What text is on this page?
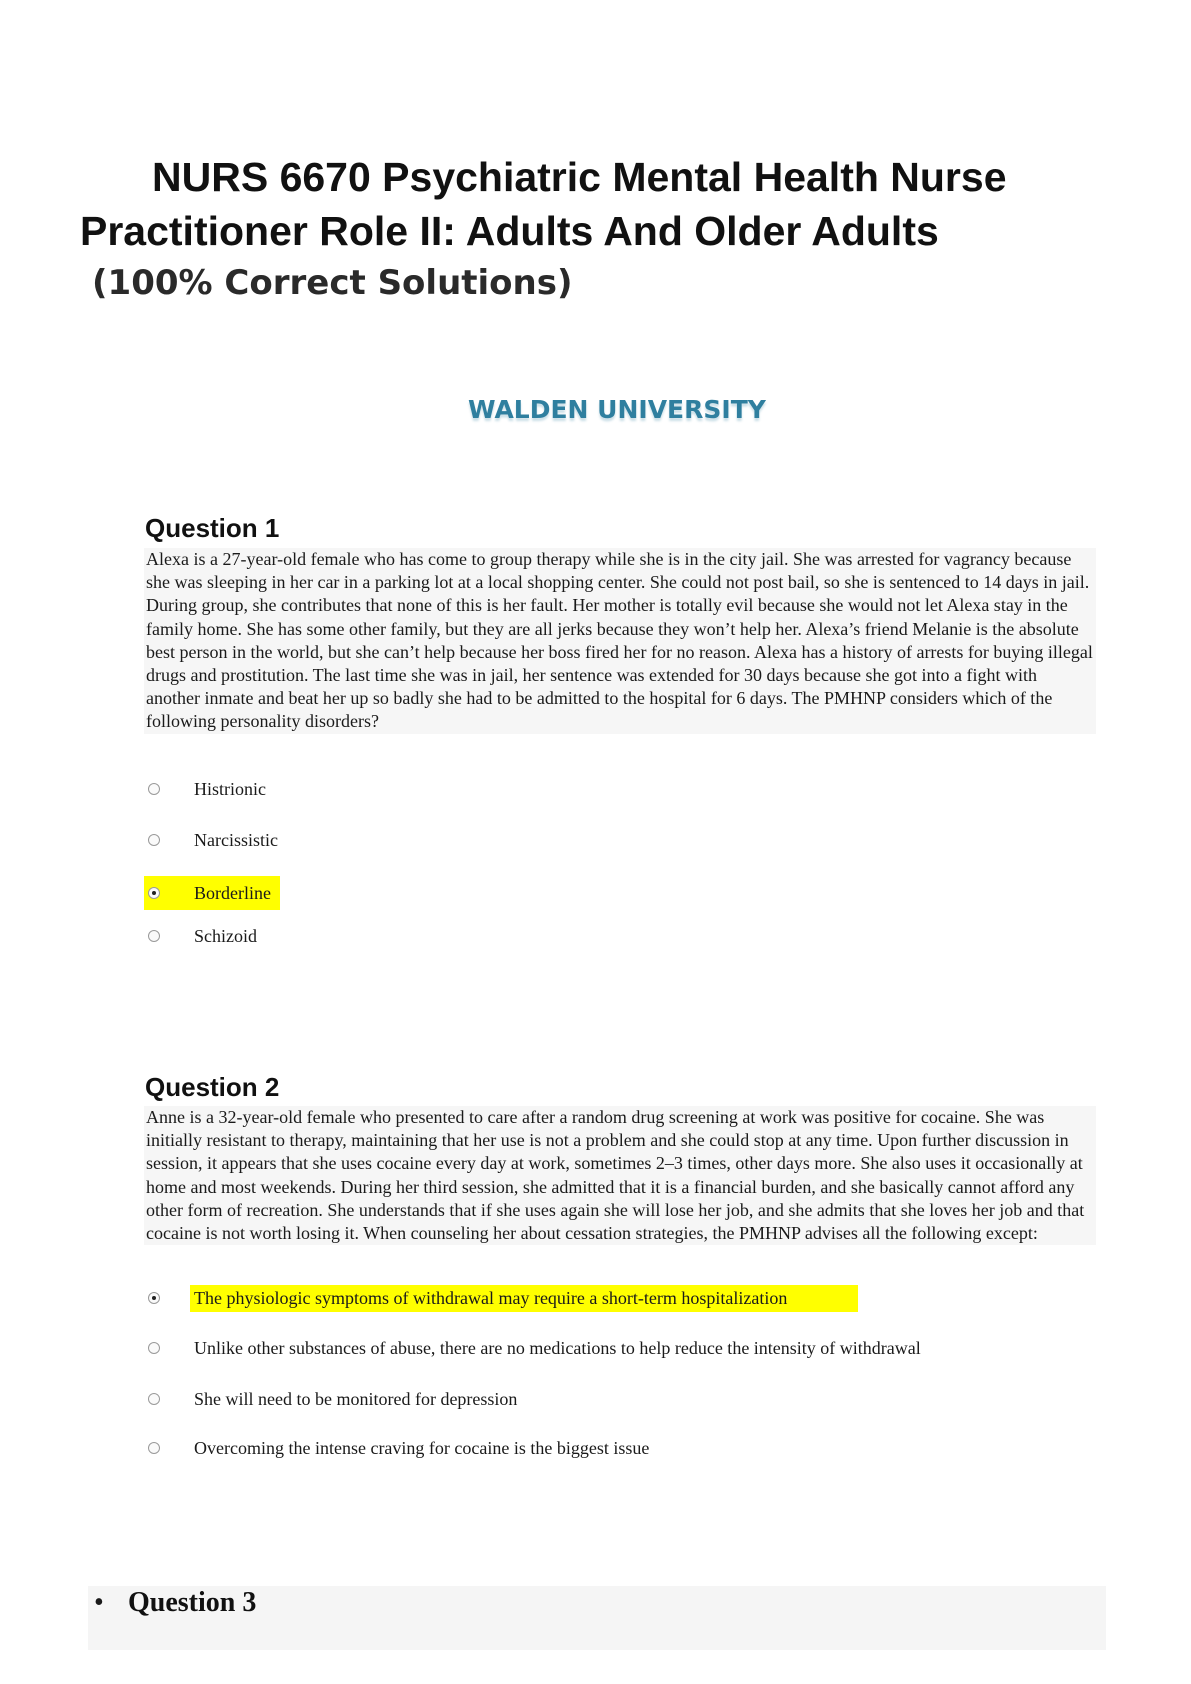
NURS 6670 Psychiatric Mental Health Nurse
Practitioner Role II: Adults And Older Adults

(100% Correct Solutions)

WALDEN UNIVERSITY

Question 1

Alexa is a 27-year-old female who has come to group therapy while she is in the city jail. She was arrested for vagrancy because she was sleeping in her car in a parking lot at a local shopping center. She could not post bail, so she is sentenced to 14 days in jail. During group, she contributes that none of this is her fault. Her mother is totally evil because she would not let Alexa stay in the family home. She has some other family, but they are all jerks because they won’t help her. Alexa’s friend Melanie is the absolute best person in the world, but she can’t help because her boss fired her for no reason. Alexa has a history of arrests for buying illegal drugs and prostitution. The last time she was in jail, her sentence was extended for 30 days because she got into a fight with another inmate and beat her up so badly she had to be admitted to the hospital for 6 days. The PMHNP considers which of the following personality disorders?

Histrionic
Narcissistic
Borderline
Schizoid
Question 2

Anne is a 32-year-old female who presented to care after a random drug screening at work was positive for cocaine. She was initially resistant to therapy, maintaining that her use is not a problem and she could stop at any time. Upon further discussion in session, it appears that she uses cocaine every day at work, sometimes 2–3 times, other days more. She also uses it occasionally at home and most weekends. During her third session, she admitted that it is a financial burden, and she basically cannot afford any other form of recreation. She understands that if she uses again she will lose her job, and she admits that she loves her job and that cocaine is not worth losing it. When counseling her about cessation strategies, the PMHNP advises all the following except:

The physiologic symptoms of withdrawal may require a short-term hospitalization
Unlike other substances of abuse, there are no medications to help reduce the intensity of withdrawal
She will need to be monitored for depression
Overcoming the intense craving for cocaine is the biggest issue
• Question 3
